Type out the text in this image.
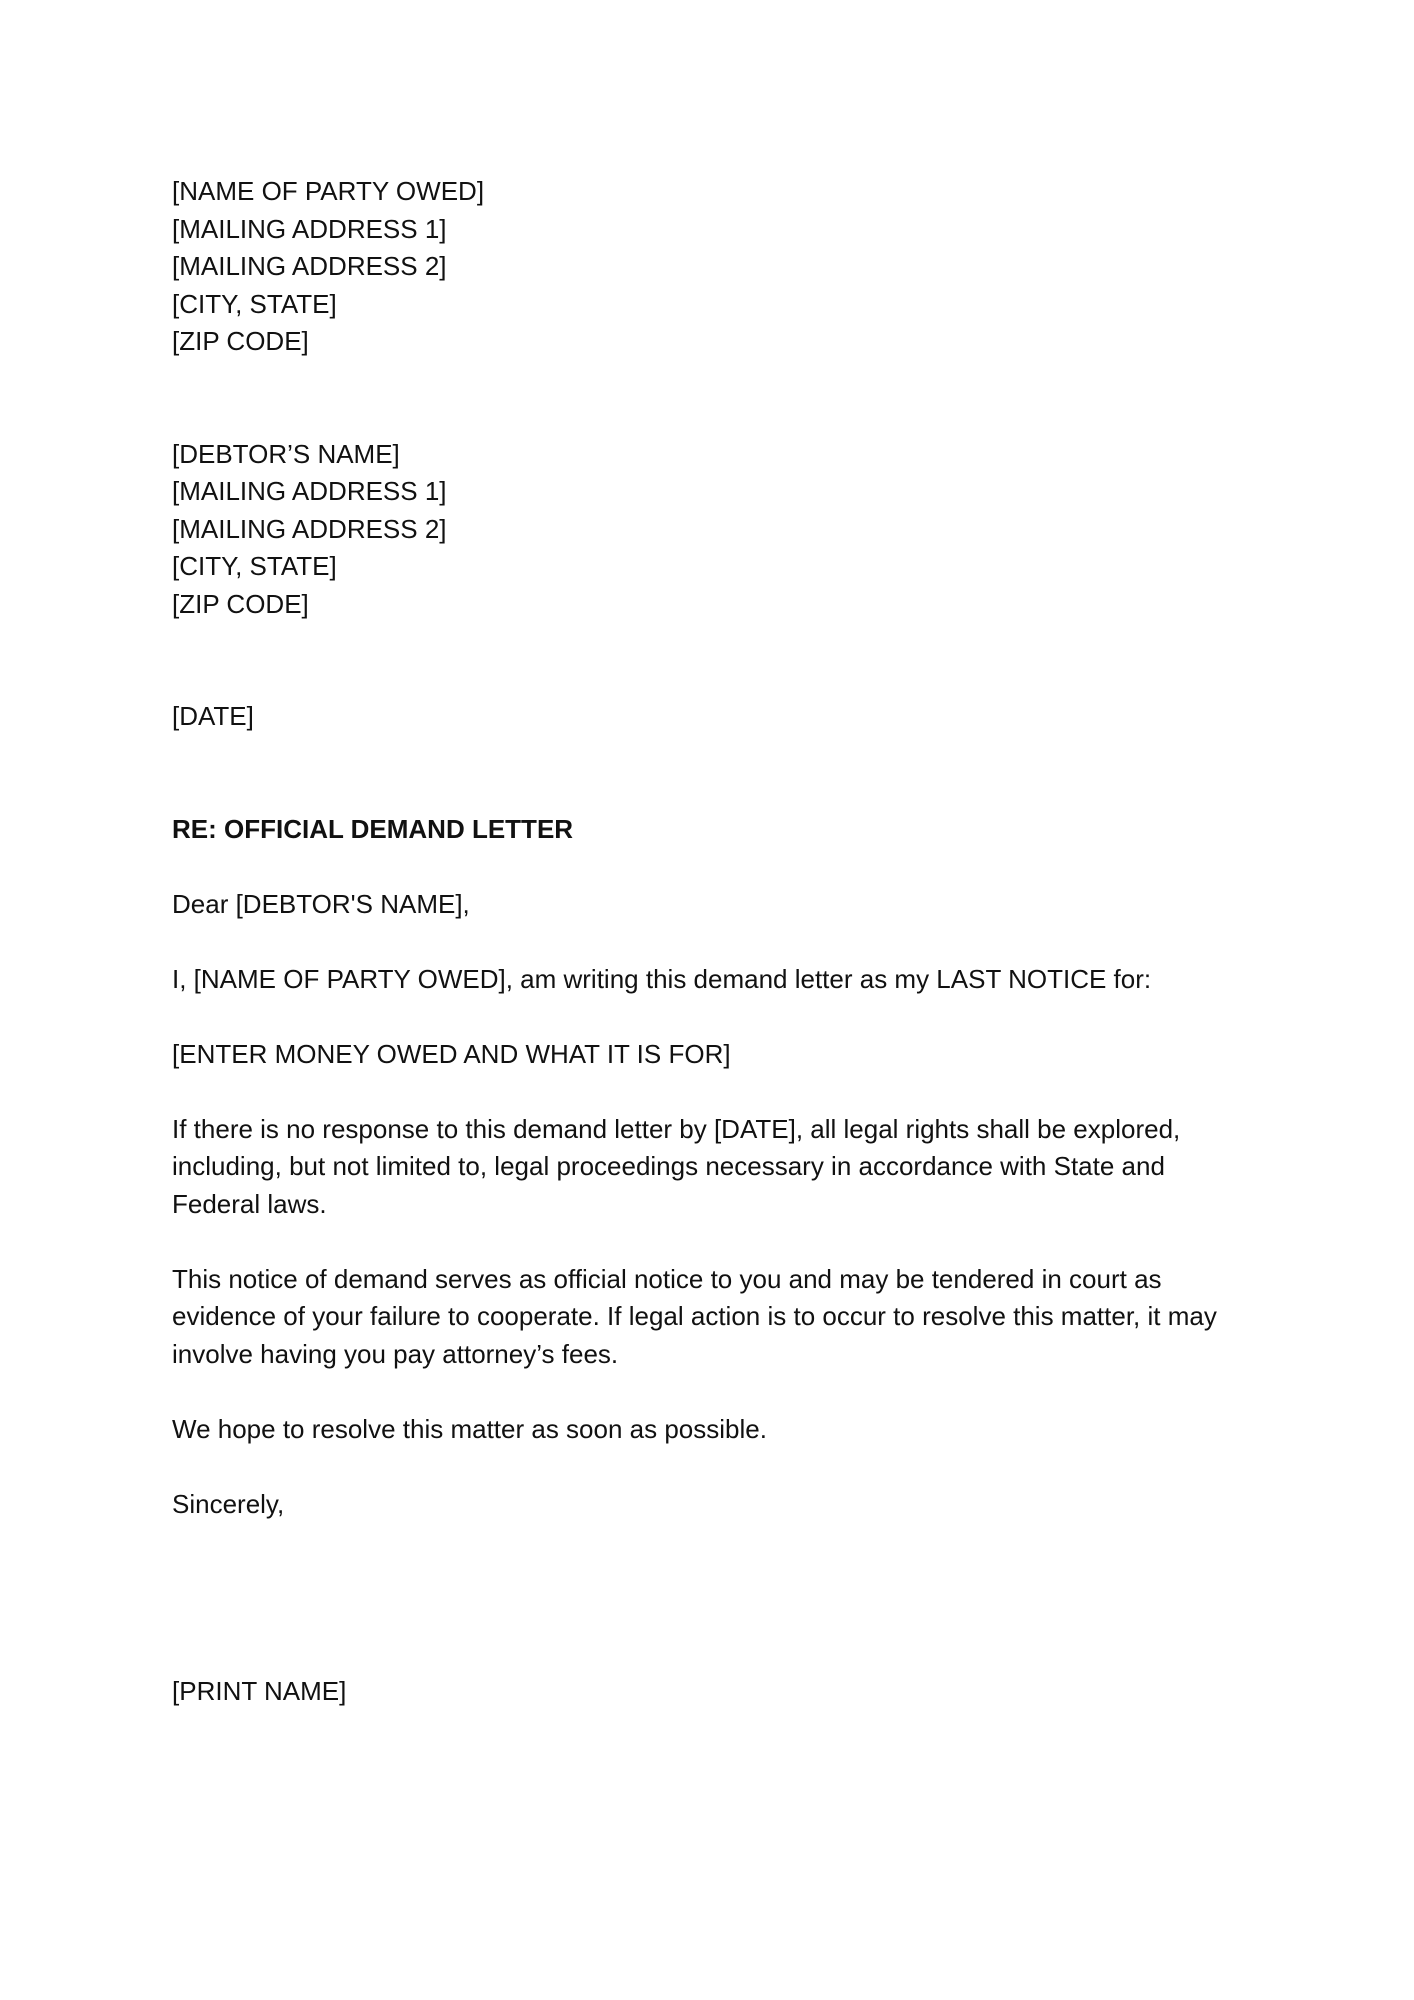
[NAME OF PARTY OWED]
[MAILING ADDRESS 1]
[MAILING ADDRESS 2]
[CITY, STATE]
[ZIP CODE]
[DEBTOR’S NAME]
[MAILING ADDRESS 1]
[MAILING ADDRESS 2]
[CITY, STATE]
[ZIP CODE]
[DATE]
RE: OFFICIAL DEMAND LETTER
Dear [DEBTOR'S NAME],

I, [NAME OF PARTY OWED], am writing this demand letter as my LAST NOTICE for:

[ENTER MONEY OWED AND WHAT IT IS FOR]

If there is no response to this demand letter by [DATE], all legal rights shall be explored, including, but not limited to, legal proceedings necessary in accordance with State and Federal laws.

This notice of demand serves as official notice to you and may be tendered in court as evidence of your failure to cooperate. If legal action is to occur to resolve this matter, it may involve having you pay attorney’s fees.

We hope to resolve this matter as soon as possible.

Sincerely,
[PRINT NAME]
